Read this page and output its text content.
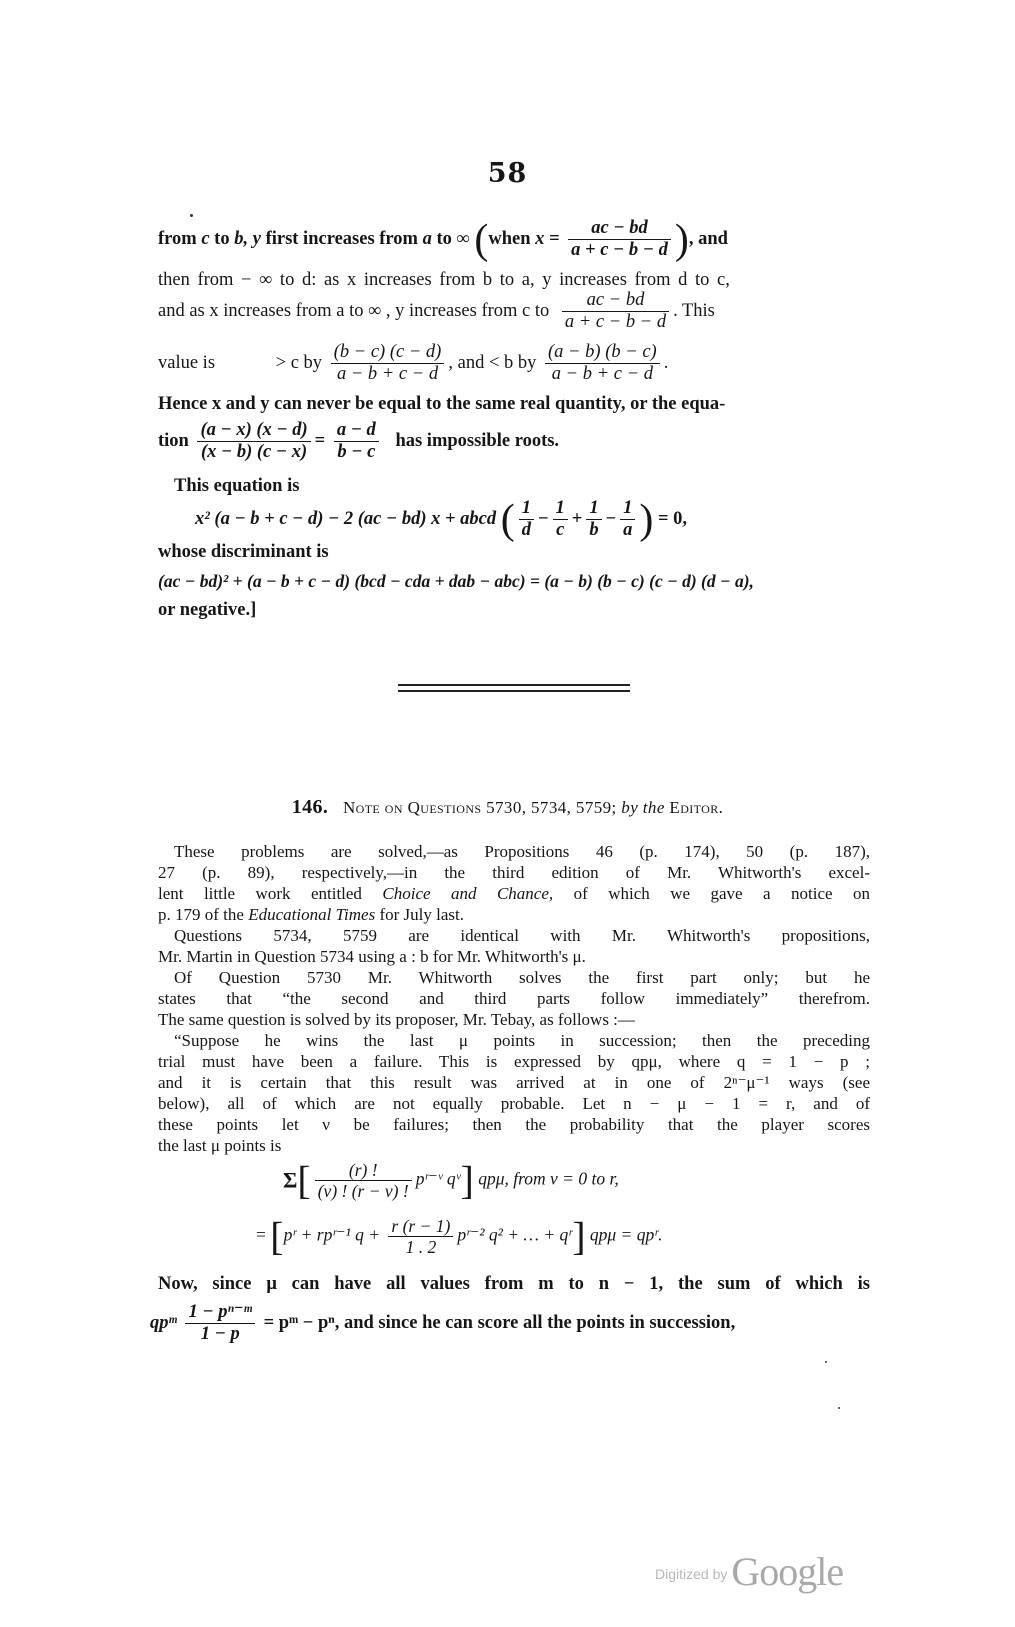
58
from c to b, y first increases from a to ∞ (when $x = \frac{ac - bd}{a + c - b - d}$ ), and
then from − ∞ to d: as x increases from b to a, y increases from d to c,
and as x increases from a to ∞ , y increases from c to $\frac{ac - bd}{a + c - b - d}$ . This
value is	> c by $\frac{(b - c) (c - d)}{a - b + c - d}$ , and < b by $\frac{(a - b) (b - c)}{a - b + c - d}$ .
Hence x and y can never be equal to the same real quantity, or the equa-
tion $\frac{(a - x) (x - d)}{(x - b) (c - x)} = \frac{a - d}{b - c}$ has impossible roots.
This equation is
x² (a − b + c − d) − 2 (ac − bd) x + abcd ( $\frac{1}{d} - \frac{1}{c} + \frac{1}{b} - \frac{1}{a}$ ) = 0,
whose discriminant is
(ac − bd)² + (a − b + c − d) (bcd − cda + dab − abc) = (a − b) (b − c) (c − d) (d − a),
or negative.]
146. Note on Questions 5730, 5734, 5759; by the Editor.
These problems are solved,—as Propositions 46 (p. 174), 50 (p. 187),
27 (p. 89), respectively,—in the third edition of Mr. Whitworth's excel-
lent little work entitled Choice and Chance, of which we gave a notice on
p. 179 of the Educational Times for July last.
Questions 5734, 5759 are identical with Mr. Whitworth's propositions,
Mr. Martin in Question 5734 using a : b for Mr. Whitworth's μ.
Of Question 5730 Mr. Whitworth solves the first part only; but he
states that “the second and third parts follow immediately” therefrom.
The same question is solved by its proposer, Mr. Tebay, as follows :—
“Suppose he wins the last μ points in succession; then the preceding
trial must have been a failure. This is expressed by qpμ, where q = 1 − p ;
and it is certain that this result was arrived at in one of 2ⁿ⁻μ⁻¹ ways (see
below), all of which are not equally probable. Let n − μ − 1 = r, and of
these points let ν be failures; then the probability that the player scores
the last μ points is
$\Sigma[ \frac{(r) !}{(\nu) ! (r - \nu) !}$ pʳ⁻ᵛ qᵛ] qpμ, from ν = 0 to r,
= [pʳ + rpʳ⁻¹ $q + \frac{r (r - 1)}{1 . 2}$ pʳ⁻² q² + … + qʳ] qpμ = qpʳ.
Now, since μ can have all values from m to n − 1, the sum of which is
qpᵐ $\frac{\text{1 − pⁿ⁻ᵐ}}{1 - p}$ = pᵐ − pⁿ, and since he can score all the points in succession,
Digitized by Google
